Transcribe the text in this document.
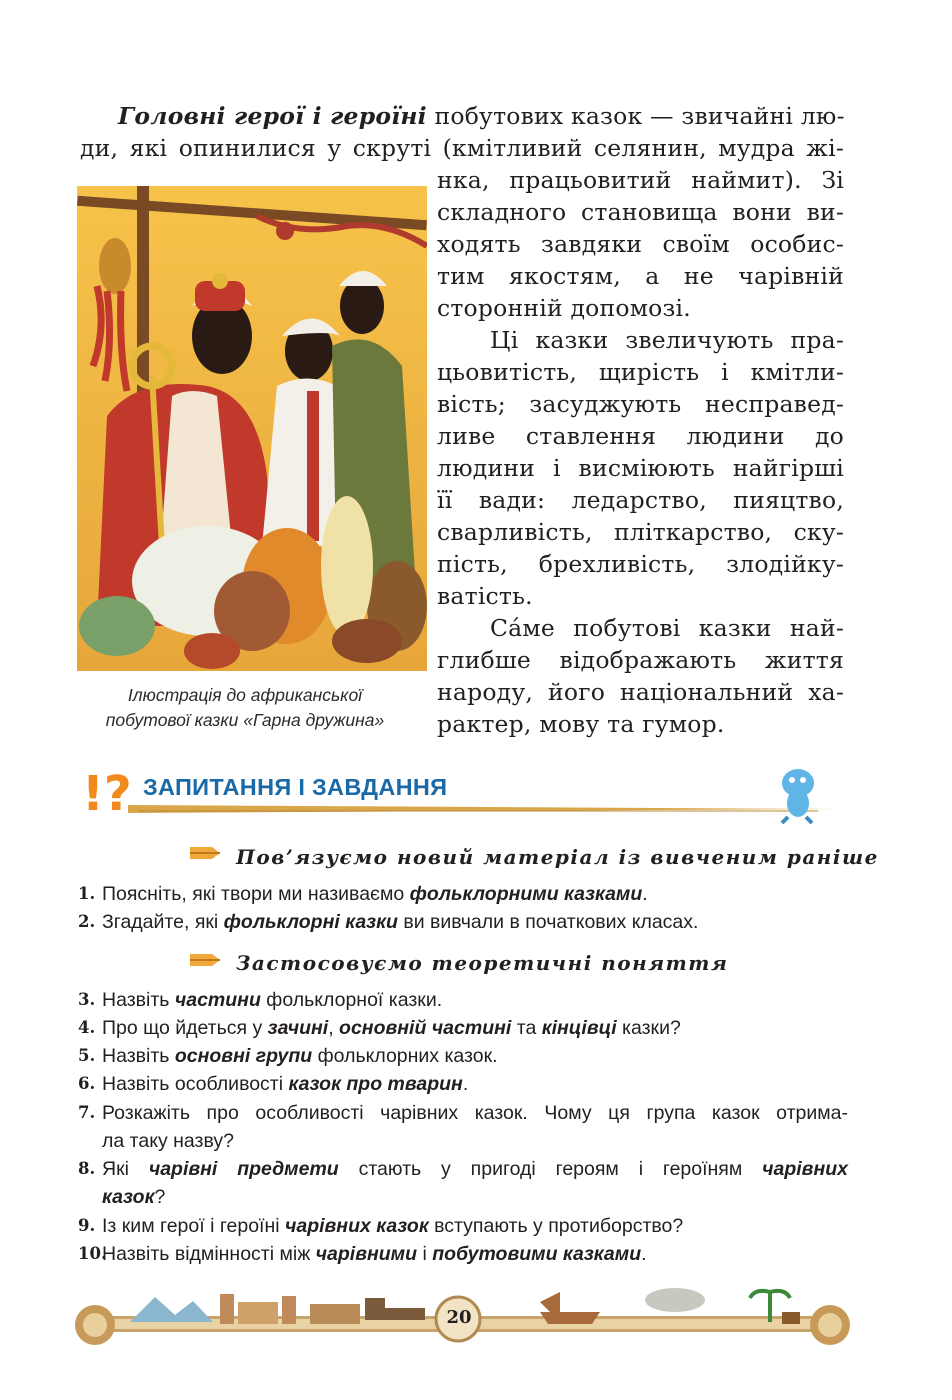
Головні герої і героїні побутових казок — звичайні лю-
ди, які опинилися у скруті (кмітливий селянин, мудра жі-
нка, працьовитий наймит). Зі
складного становища вони ви-
ходять завдяки своїм особис-
тим якостям, а не чарівній
сторонній допомозі.
Ці казки звеличують пра-
цьовитість, щирість і кмітли-
вість; засуджують несправед-
ливе ставлення людини до
людини і висміюють найгірші
її вади: ледарство, пияцтво,
сварливість, пліткарство, ску-
пість, брехливість, злодійку-
ватість.
Са́ме побутові казки най-
глибше відображають життя
народу, його національний ха-
рактер, мову та гумор.
Ілюстрація до африканської
побутової казки «Гарна дружина»
!? ЗАПИТАННЯ І ЗАВДАННЯ
Пов’язуємо новий матеріал із вивченим раніше
Застосовуємо теоретичні поняття
1. Поясніть, які твори ми називаємо фольклорними казками.
2. Згадайте, які фольклорні казки ви вивчали в початкових класах.
3. Назвіть частини фольклорної казки.
4. Про що йдеться у зачині, основній частині та кінцівці казки?
5. Назвіть основні групи фольклорних казок.
6. Назвіть особливості казок про тварин.
7. Розкажіть про особливості чарівних казок. Чому ця група казок отрима-
ла таку назву?
8. Які чарівні предмети стають у пригоді героям і героїням чарівних
казок?
9. Із ким герої і героїні чарівних казок вступають у протиборство?
10.
Назвіть відмінності між чарівними і побутовими казками.
20
